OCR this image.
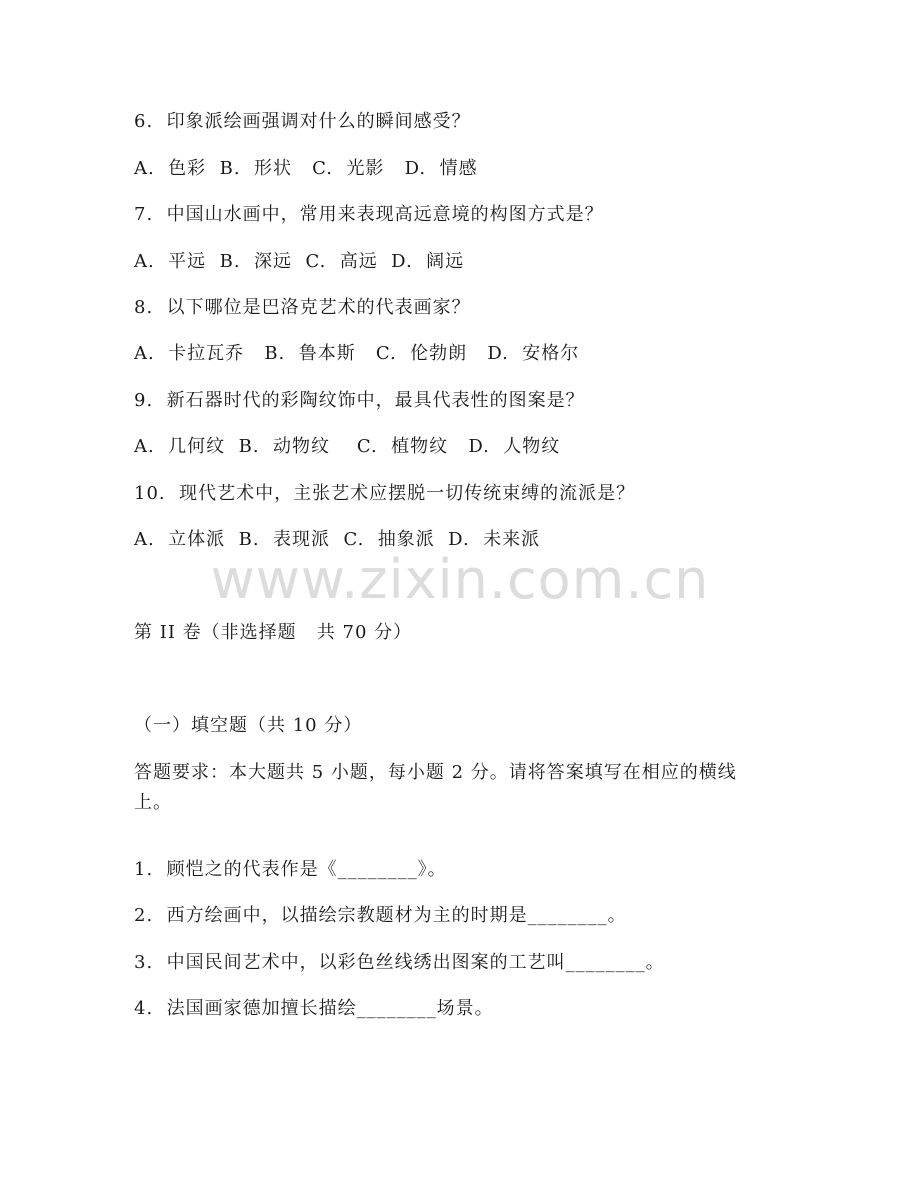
6.  印象派绘画强调对什么的瞬间感受？
A.  色彩  B.  形状   C.  光影   D.  情感
7.  中国山水画中，常用来表现高远意境的构图方式是？
A.  平远  B.  深远  C.  高远  D.  阔远
8.  以下哪位是巴洛克艺术的代表画家？
A.  卡拉瓦乔   B.  鲁本斯   C.  伦勃朗   D.  安格尔
9.  新石器时代的彩陶纹饰中，最具代表性的图案是？
A.  几何纹  B.  动物纹    C.  植物纹   D.  人物纹
10.  现代艺术中，主张艺术应摆脱一切传统束缚的流派是？
A.  立体派  B.  表现派  C.  抽象派  D.  未来派
www.zixin.com.cn
第 II 卷（非选择题   共 70 分）
（一）填空题（共 10 分）
答题要求：本大题共 5 小题，每小题 2 分。请将答案填写在相应的横线上。
1.  顾恺之的代表作是《________》。
2.  西方绘画中，以描绘宗教题材为主的时期是________。
3.  中国民间艺术中，以彩色丝线绣出图案的工艺叫________。
4.  法国画家德加擅长描绘________场景。
